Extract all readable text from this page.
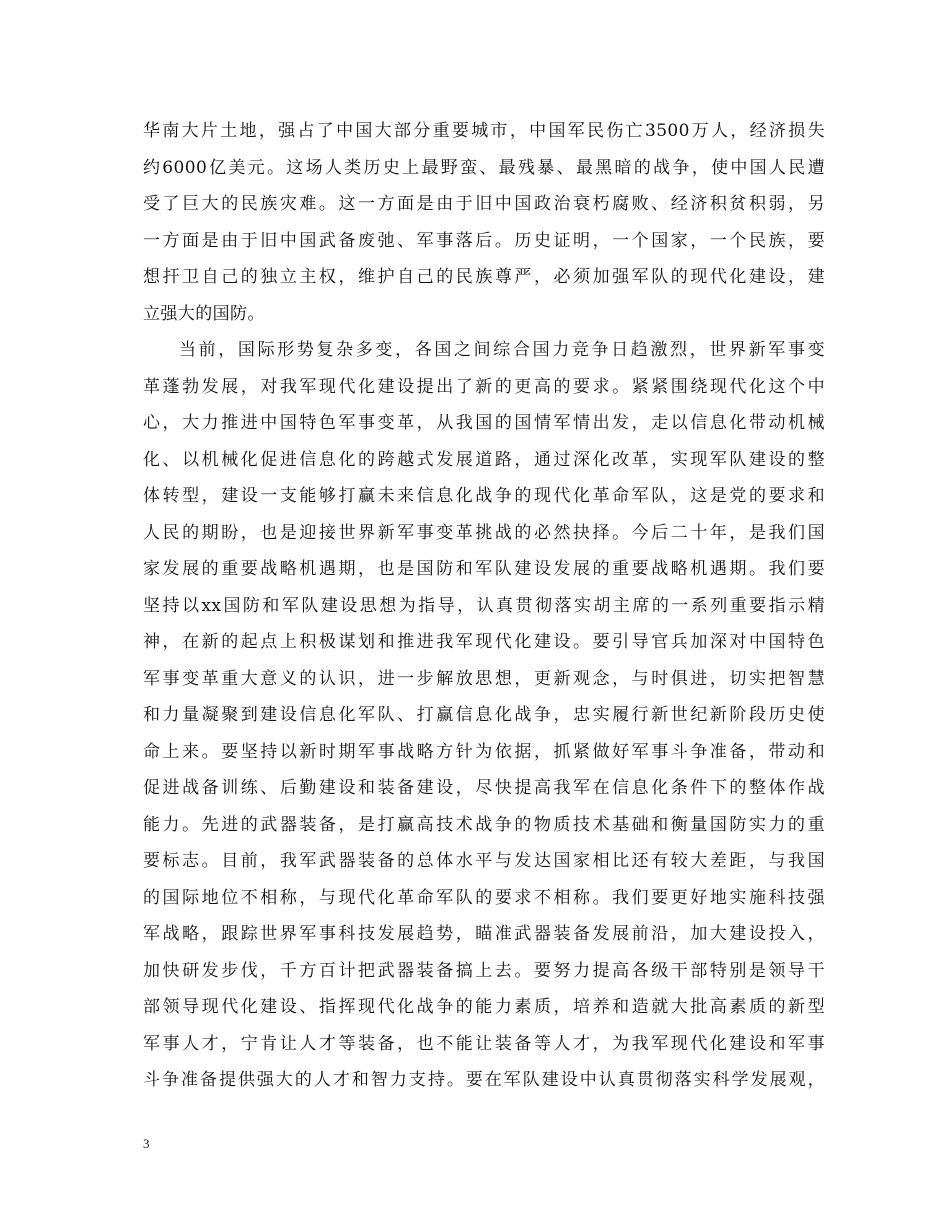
华南大片土地，强占了中国大部分重要城市，中国军民伤亡3500万人，经济损失
约6000亿美元。这场人类历史上最野蛮、最残暴、最黑暗的战争，使中国人民遭
受了巨大的民族灾难。这一方面是由于旧中国政治衰朽腐败、经济积贫积弱，另
一方面是由于旧中国武备废弛、军事落后。历史证明，一个国家，一个民族，要
想扞卫自己的独立主权，维护自己的民族尊严，必须加强军队的现代化建设，建
立强大的国防。
当前，国际形势复杂多变，各国之间综合国力竞争日趋激烈，世界新军事变
革蓬勃发展，对我军现代化建设提出了新的更高的要求。紧紧围绕现代化这个中
心，大力推进中国特色军事变革，从我国的国情军情出发，走以信息化带动机械
化、以机械化促进信息化的跨越式发展道路，通过深化改革，实现军队建设的整
体转型，建设一支能够打赢未来信息化战争的现代化革命军队，这是党的要求和
人民的期盼，也是迎接世界新军事变革挑战的必然抉择。今后二十年，是我们国
家发展的重要战略机遇期，也是国防和军队建设发展的重要战略机遇期。我们要
坚持以xx国防和军队建设思想为指导，认真贯彻落实胡主席的一系列重要指示精
神，在新的起点上积极谋划和推进我军现代化建设。要引导官兵加深对中国特色
军事变革重大意义的认识，进一步解放思想，更新观念，与时俱进，切实把智慧
和力量凝聚到建设信息化军队、打赢信息化战争，忠实履行新世纪新阶段历史使
命上来。要坚持以新时期军事战略方针为依据，抓紧做好军事斗争准备，带动和
促进战备训练、后勤建设和装备建设，尽快提高我军在信息化条件下的整体作战
能力。先进的武器装备，是打赢高技术战争的物质技术基础和衡量国防实力的重
要标志。目前，我军武器装备的总体水平与发达国家相比还有较大差距，与我国
的国际地位不相称，与现代化革命军队的要求不相称。我们要更好地实施科技强
军战略，跟踪世界军事科技发展趋势，瞄准武器装备发展前沿，加大建设投入，
加快研发步伐，千方百计把武器装备搞上去。要努力提高各级干部特别是领导干
部领导现代化建设、指挥现代化战争的能力素质，培养和造就大批高素质的新型
军事人才，宁肯让人才等装备，也不能让装备等人才，为我军现代化建设和军事
斗争准备提供强大的人才和智力支持。要在军队建设中认真贯彻落实科学发展观，
3
